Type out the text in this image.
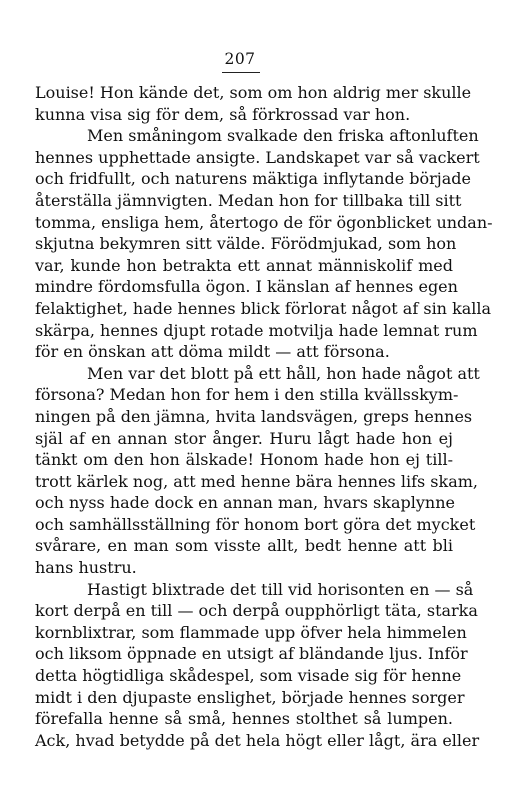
207
Louise! Hon kände det, som om hon aldrig mer skulle
kunna visa sig för dem, så förkrossad var hon.
Men småningom svalkade den friska aftonluften
hennes upphettade ansigte. Landskapet var så vackert
och fridfullt, och naturens mäktiga inflytande började
återställa jämnvigten. Medan hon for tillbaka till sitt
tomma, ensliga hem, återtogo de för ögonblicket undan-
skjutna bekymren sitt välde. Förödmjukad, som hon
var, kunde hon betrakta ett annat människolif med
mindre fördomsfulla ögon. I känslan af hennes egen
felaktighet, hade hennes blick förlorat något af sin kalla
skärpa, hennes djupt rotade motvilja hade lemnat rum
för en önskan att döma mildt — att försona.
Men var det blott på ett håll, hon hade något att
försona? Medan hon for hem i den stilla kvällsskym-
ningen på den jämna, hvita landsvägen, greps hennes
själ af en annan stor ånger. Huru lågt hade hon ej
tänkt om den hon älskade! Honom hade hon ej till-
trott kärlek nog, att med henne bära hennes lifs skam,
och nyss hade dock en annan man, hvars skaplynne
och samhällsställning för honom bort göra det mycket
svårare, en man som visste allt, bedt henne att bli
hans hustru.
Hastigt blixtrade det till vid horisonten en — så
kort derpå en till — och derpå oupphörligt täta, starka
kornblixtrar, som flammade upp öfver hela himmelen
och liksom öppnade en utsigt af bländande ljus. Inför
detta högtidliga skådespel, som visade sig för henne
midt i den djupaste enslighet, började hennes sorger
förefalla henne så små, hennes stolthet så lumpen.
Ack, hvad betydde på det hela högt eller lågt, ära eller
